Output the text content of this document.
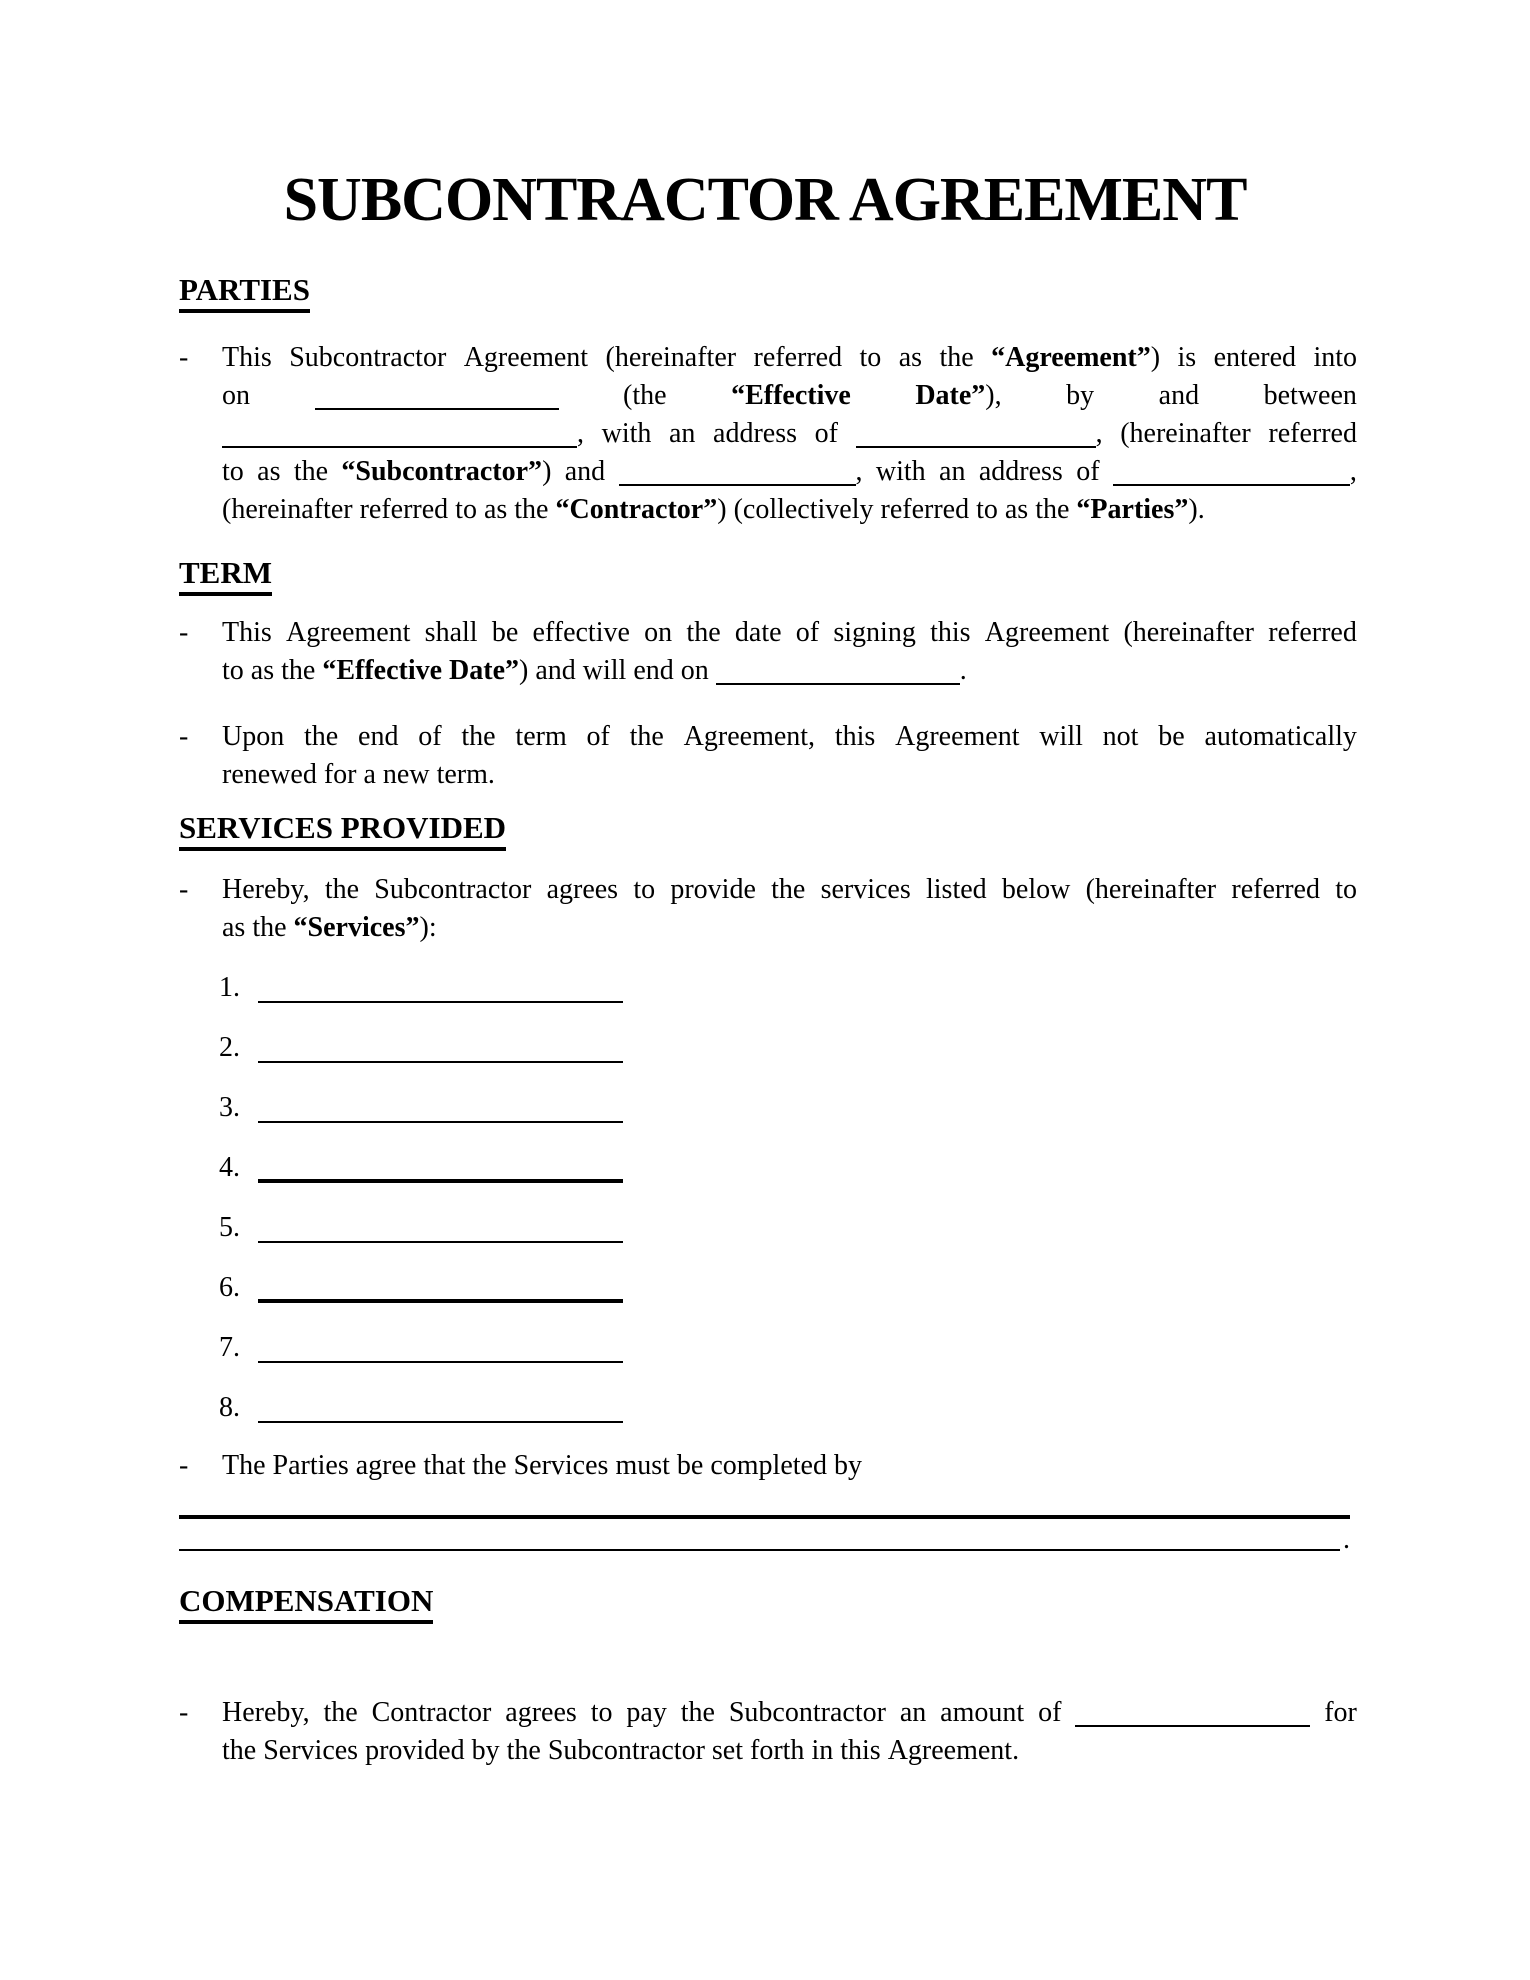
SUBCONTRACTOR AGREEMENT
PARTIES
-	This Subcontractor Agreement (hereinafter referred to as the “Agreement”) is entered into
on	(the “Effective Date”), by and between
, with an address of	, (hereinafter referred
to as the “Subcontractor”) and	, with an address of	,
(hereinafter referred to as the “Contractor”) (collectively referred to as the “Parties”).
TERM
-	This Agreement shall be effective on the date of signing this Agreement (hereinafter referred
to as the “Effective Date”) and will end on	.
-	Upon the end of the term of the Agreement, this Agreement will not be automatically
renewed for a new term.
SERVICES PROVIDED
-	Hereby, the Subcontractor agrees to provide the services listed below (hereinafter referred to
as the “Services”):
1.
2.
3.
4.
5.
6.
7.
8.
-	The Parties agree that the Services must be completed by
.
COMPENSATION
-	Hereby, the Contractor agrees to pay the Subcontractor an amount of	for
the Services provided by the Subcontractor set forth in this Agreement.
